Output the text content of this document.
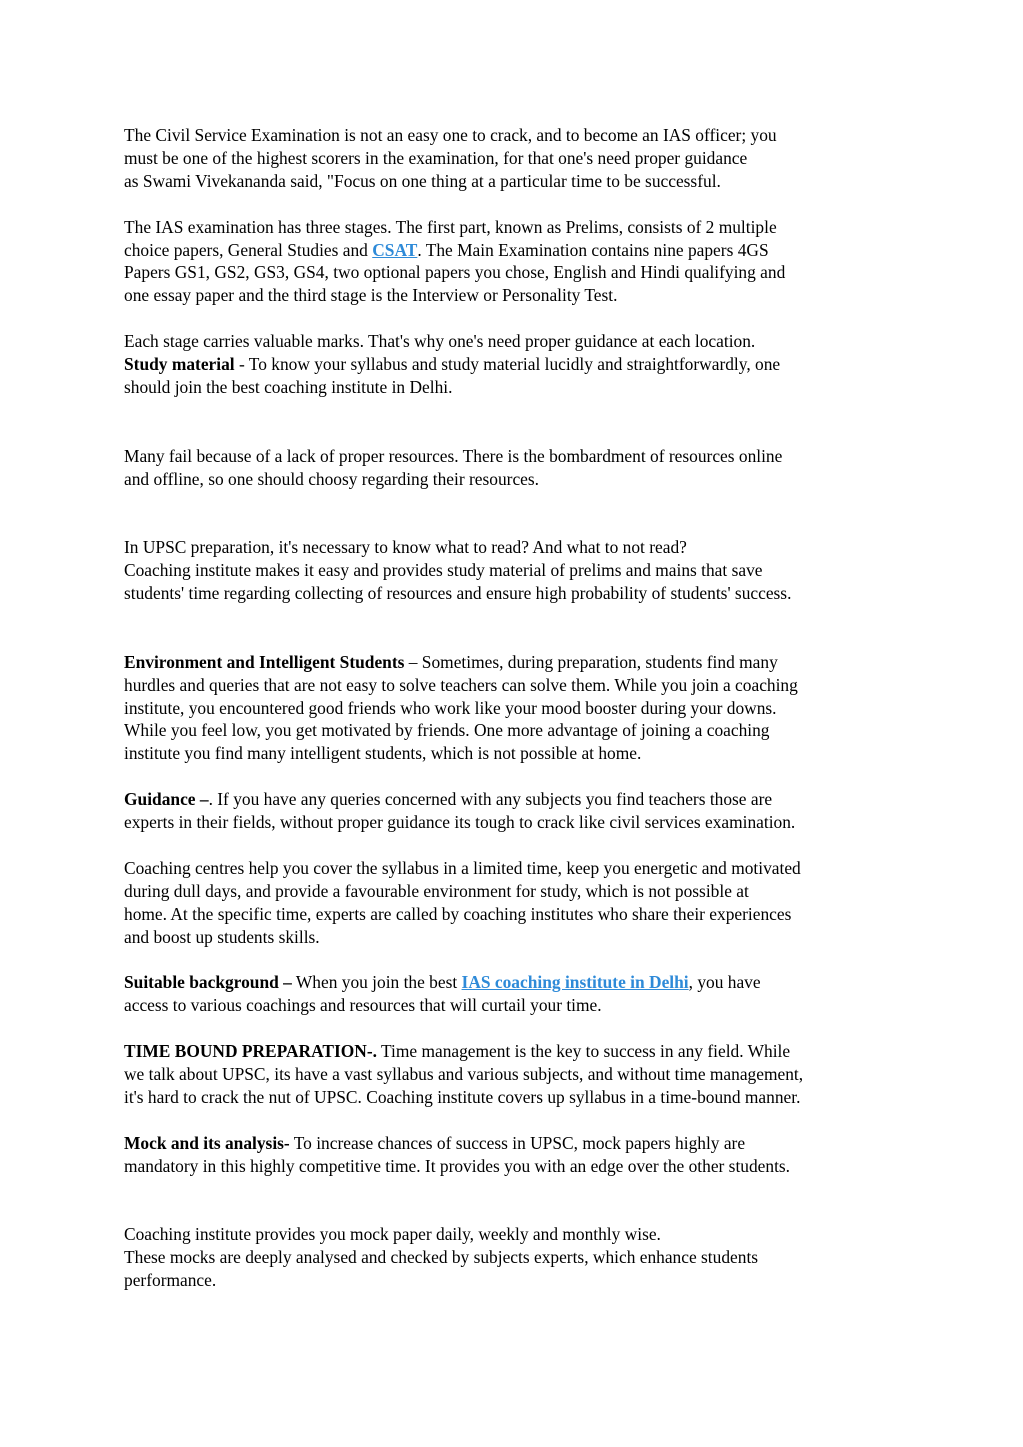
The Civil Service Examination is not an easy one to crack, and to become an IAS officer; you
must be one of the highest scorers in the examination, for that one's need proper guidance
as Swami Vivekananda said, "Focus on one thing at a particular time to be successful.

The IAS examination has three stages. The first part, known as Prelims, consists of 2 multiple
choice papers, General Studies and CSAT. The Main Examination contains nine papers 4GS
Papers GS1, GS2, GS3, GS4, two optional papers you chose, English and Hindi qualifying and
one essay paper and the third stage is the Interview or Personality Test.

Each stage carries valuable marks. That's why one's need proper guidance at each location.
Study material - To know your syllabus and study material lucidly and straightforwardly, one
should join the best coaching institute in Delhi.

Many fail because of a lack of proper resources. There is the bombardment of resources online
and offline, so one should choosy regarding their resources.

In UPSC preparation, it's necessary to know what to read? And what to not read?
Coaching institute makes it easy and provides study material of prelims and mains that save
students' time regarding collecting of resources and ensure high probability of students' success.

Environment and Intelligent Students – Sometimes, during preparation, students find many
hurdles and queries that are not easy to solve teachers can solve them. While you join a coaching
institute, you encountered good friends who work like your mood booster during your downs.
While you feel low, you get motivated by friends. One more advantage of joining a coaching
institute you find many intelligent students, which is not possible at home.

Guidance –. If you have any queries concerned with any subjects you find teachers those are
experts in their fields, without proper guidance its tough to crack like civil services examination.

Coaching centres help you cover the syllabus in a limited time, keep you energetic and motivated
during dull days, and provide a favourable environment for study, which is not possible at
home. At the specific time, experts are called by coaching institutes who share their experiences
and boost up students skills.

Suitable background – When you join the best IAS coaching institute in Delhi, you have
access to various coachings and resources that will curtail your time.

TIME BOUND PREPARATION-. Time management is the key to success in any field. While
we talk about UPSC, its have a vast syllabus and various subjects, and without time management,
it's hard to crack the nut of UPSC. Coaching institute covers up syllabus in a time-bound manner.

Mock and its analysis- To increase chances of success in UPSC, mock papers highly are
mandatory in this highly competitive time. It provides you with an edge over the other students.

Coaching institute provides you mock paper daily, weekly and monthly wise.
These mocks are deeply analysed and checked by subjects experts, which enhance students
performance.
